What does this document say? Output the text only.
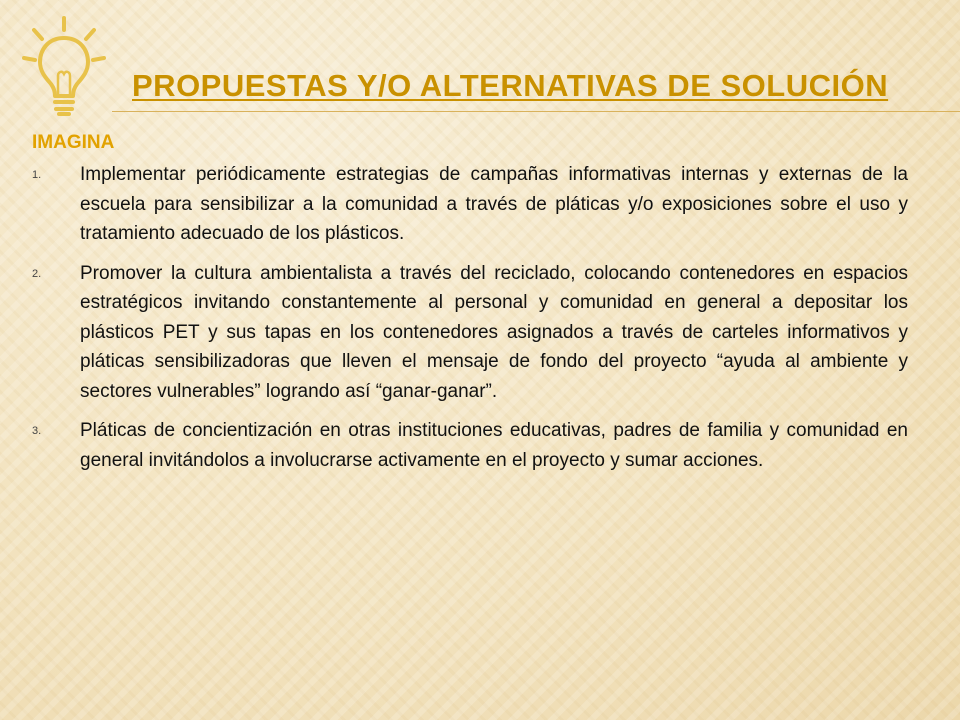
PROPUESTAS Y/O ALTERNATIVAS DE SOLUCIÓN
IMAGINA
1. Implementar periódicamente estrategias de campañas informativas internas y externas de la escuela para sensibilizar a la comunidad a través de pláticas y/o exposiciones sobre el uso y tratamiento adecuado de los plásticos.
2. Promover la cultura ambientalista a través del reciclado, colocando contenedores en espacios estratégicos invitando constantemente al personal y comunidad en general a depositar los plásticos PET y sus tapas en los contenedores asignados a través de carteles informativos y pláticas sensibilizadoras que lleven el mensaje de fondo del proyecto “ayuda al ambiente y sectores vulnerables” logrando así “ganar-ganar”.
3. Pláticas de concientización en otras instituciones educativas, padres de familia y comunidad en general invitándolos a involucrarse activamente en el proyecto y sumar acciones.
